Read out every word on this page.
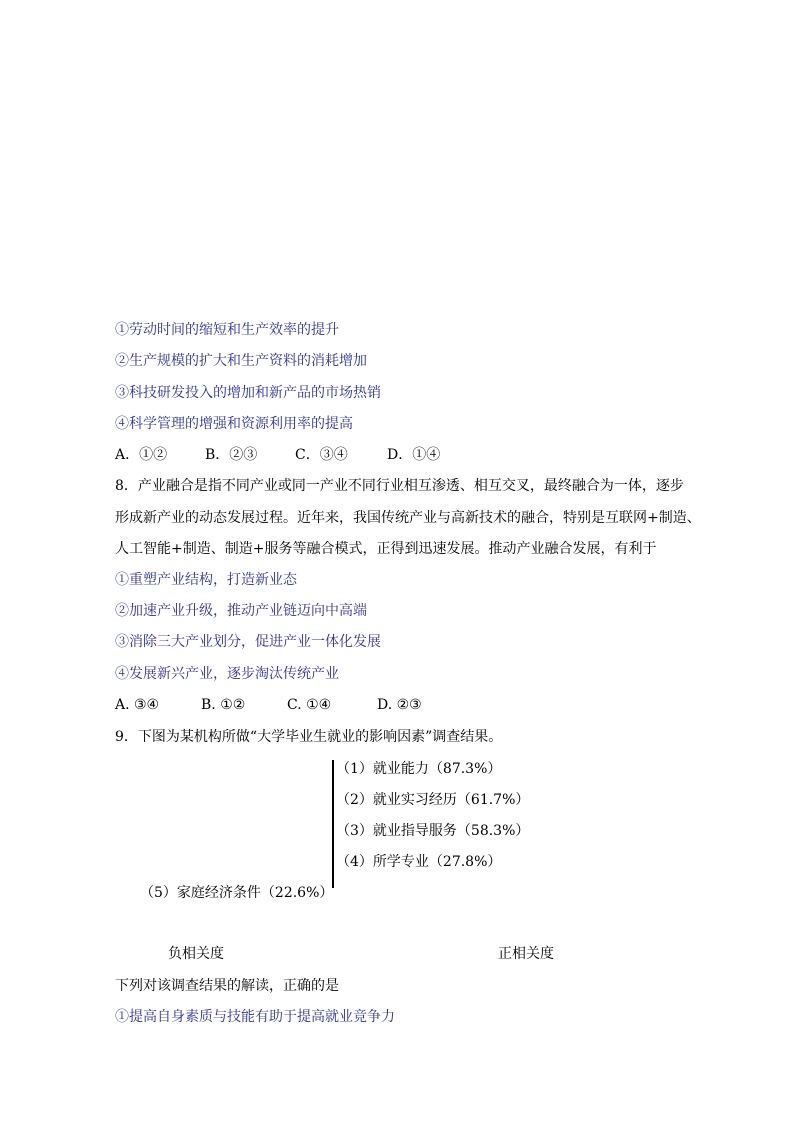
①劳动时间的缩短和生产效率的提升
②生产规模的扩大和生产资料的消耗增加
③科技研发投入的增加和新产品的市场热销
④科学管理的增强和资源利用率的提高
A．①②	B．②③	C．③④	D．①④
8．产业融合是指不同产业或同一产业不同行业相互渗透、相互交叉，最终融合为一体，逐步
形成新产业的动态发展过程。近年来，我国传统产业与高新技术的融合，特别是互联网+制造、
人工智能+制造、制造+服务等融合模式，正得到迅速发展。推动产业融合发展，有利于
①重塑产业结构，打造新业态
②加速产业升级，推动产业链迈向中高端
③消除三大产业划分，促进产业一体化发展
④发展新兴产业，逐步淘汰传统产业
A. ③④	B. ①②	C. ①④	D. ②③
9．下图为某机构所做“大学毕业生就业的影响因素”调查结果。
（1）就业能力（87.3%）
（2）就业实习经历（61.7%）
（3）就业指导服务（58.3%）
（4）所学专业（27.8%）
（5）家庭经济条件（22.6%）
负相关度	正相关度
下列对该调查结果的解读，正确的是
①提高自身素质与技能有助于提高就业竞争力
